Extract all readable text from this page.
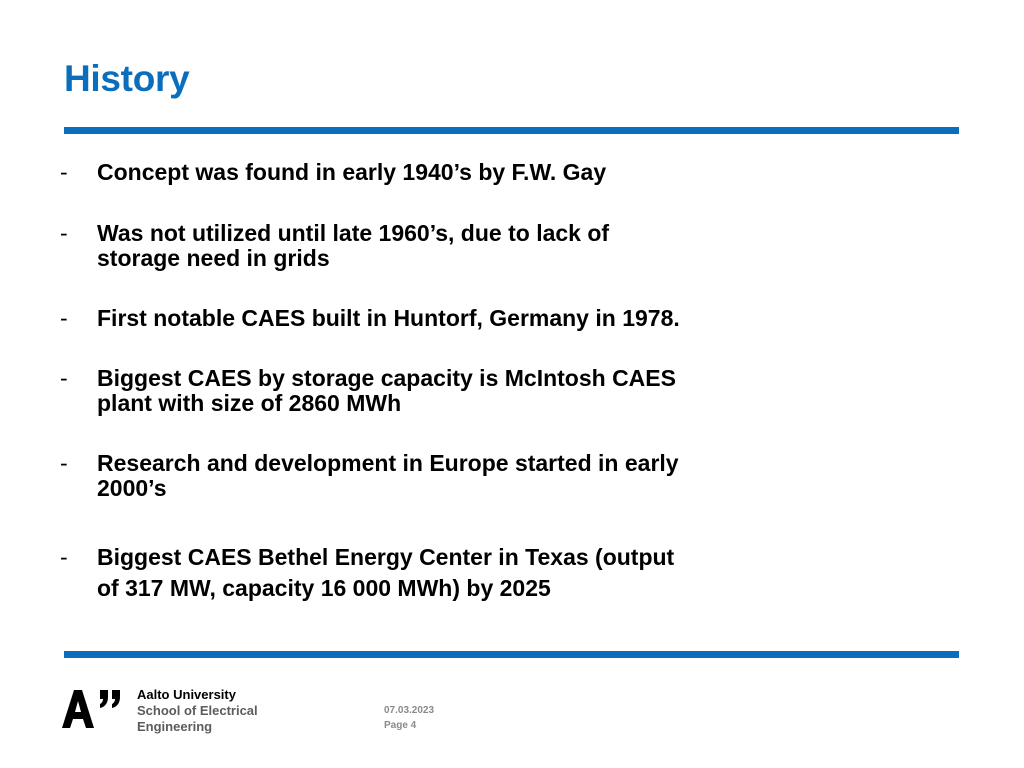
History
- Concept was found in early 1940’s by F.W. Gay
- Was not utilized until late 1960’s, due to lack of
storage need in grids
- First notable CAES built in Huntorf, Germany in 1978.
- Biggest CAES by storage capacity is McIntosh CAES
plant with size of 2860 MWh
- Research and development in Europe started in early
2000’s
- Biggest CAES Bethel Energy Center in Texas (output
of 317 MW, capacity 16 000 MWh) by 2025
Aalto University
School of Electrical
Engineering
07.03.2023
Page 4
